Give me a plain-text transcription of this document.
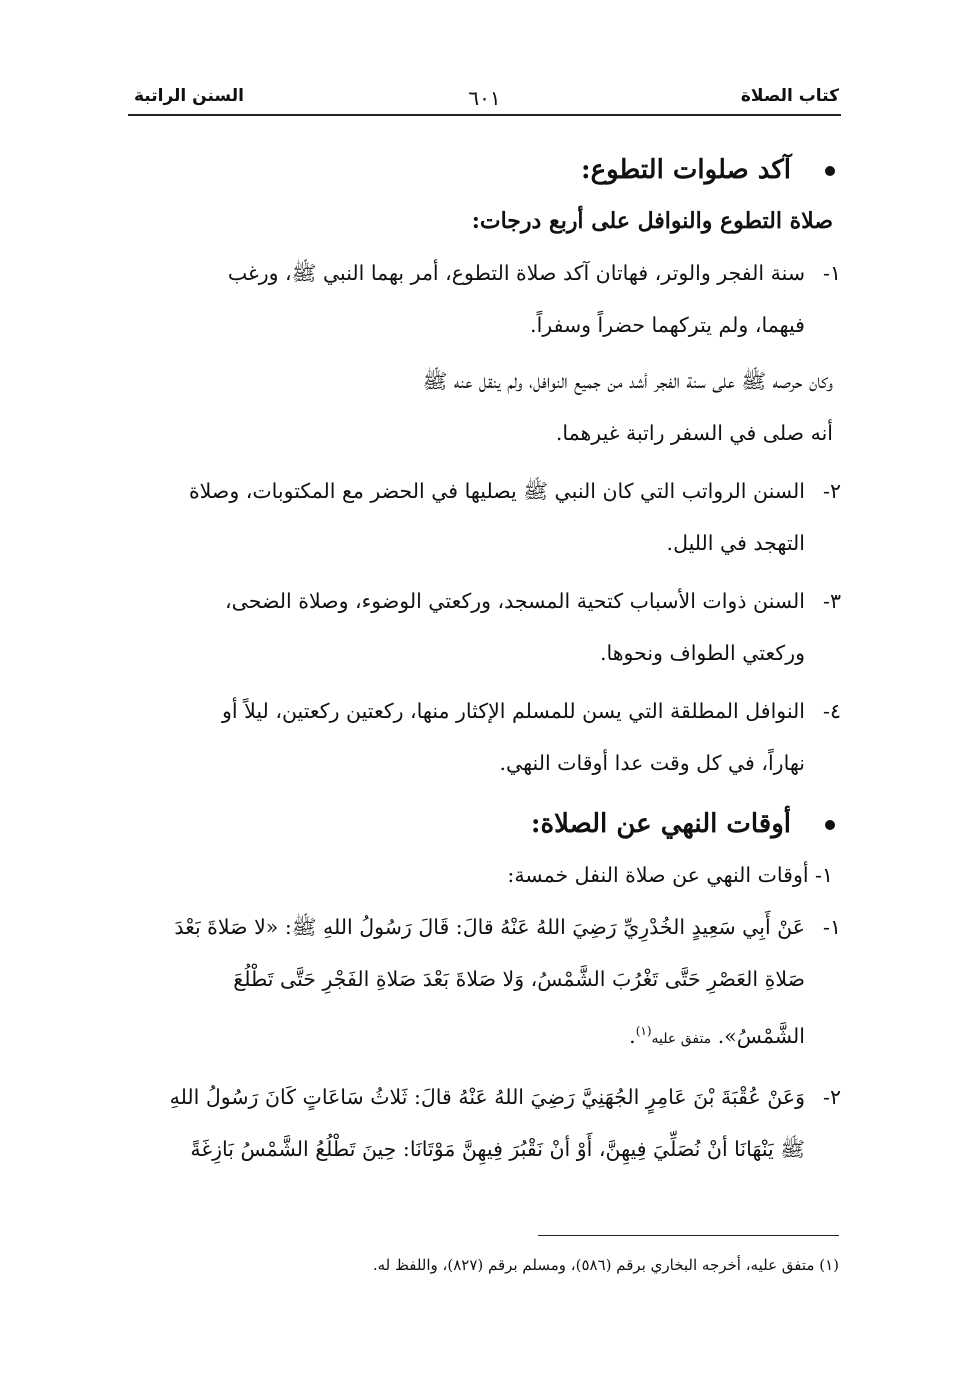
كتاب الصلاة
٦٠١
السنن الراتبة
آكد صلوات التطوع:

صلاة التطوع والنوافل على أربع درجات:

١-سنة الفجر والوتر، فهاتان آكد صلاة التطوع، أمر بهما النبي ﷺ، ورغب
فيهما، ولم يتركهما حضراً وسفراً.
وكان حرصه ﷺ على سنة الفجر أشد من جميع النوافل، ولم ينقل عنه ﷺ
أنه صلى في السفر راتبة غيرهما.
٢-السنن الرواتب التي كان النبي ﷺ يصليها في الحضر مع المكتوبات، وصلاة
التهجد في الليل.
٣-السنن ذوات الأسباب كتحية المسجد، وركعتي الوضوء، وصلاة الضحى،
وركعتي الطواف ونحوها.
٤-النوافل المطلقة التي يسن للمسلم الإكثار منها، ركعتين ركعتين، ليلاً أو
نهاراً، في كل وقت عدا أوقات النهي.
أوقات النهي عن الصلاة:

١- أوقات النهي عن صلاة النفل خمسة:

١-عَنْ أَبِي سَعِيدٍ الخُدْرِيِّ رَضِيَ اللهُ عَنْهُ قالَ: قَالَ رَسُولُ اللهِ ﷺ: «لا صَلاةَ بَعْدَ
صَلاةِ العَصْرِ حَتَّى تَغْرُبَ الشَّمْسُ، وَلا صَلاةَ بَعْدَ صَلاةِ الفَجْرِ حَتَّى تَطْلُعَ
الشَّمْسُ». متفق عليه$^{(١)}$.
٢-وَعَنْ عُقْبَةَ بْنَ عَامِرٍ الجُهَنِيَّ رَضِيَ اللهُ عَنْهُ قالَ: ثَلاثُ سَاعَاتٍ كَانَ رَسُولُ اللهِ
ﷺ يَنْهَانَا أنْ نُصَلِّيَ فِيهِنَّ، أَوْ أنْ نَقْبُرَ فِيهِنَّ مَوْتَانَا: حِينَ تَطْلُعُ الشَّمْسُ بَازِغَةً
(١) متفق عليه، أخرجه البخاري برقم (٥٨٦)، ومسلم برقم (٨٢٧)، واللفظ له.
